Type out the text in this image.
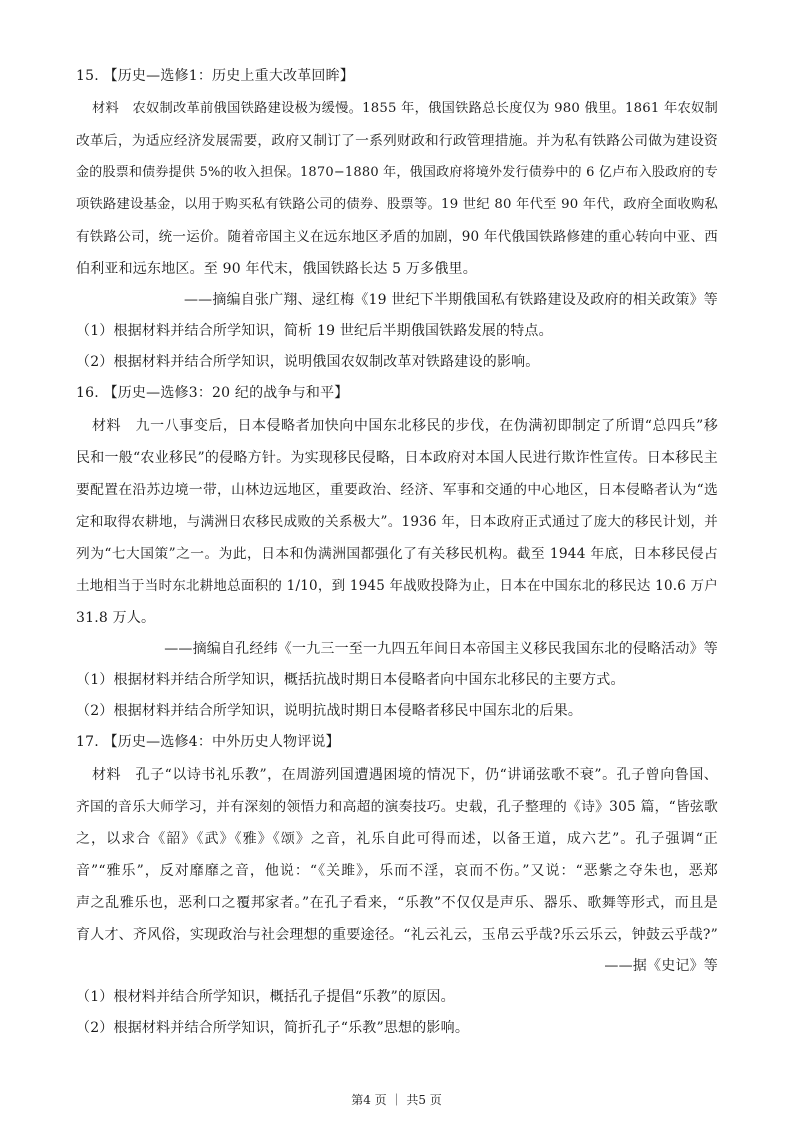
15. 【历史—选修1：历史上重大改革回眸】
材料　农奴制改革前俄国铁路建设极为缓慢。1855 年，俄国铁路总长度仅为 980 俄里。1861 年农奴制
改革后，为适应经济发展需要，政府又制订了一系列财政和行政管理措施。并为私有铁路公司做为建设资
金的股票和债券提供 5%的收入担保。1870−1880 年，俄国政府将境外发行债券中的 6 亿卢布入股政府的专
项铁路建设基金，以用于购买私有铁路公司的债券、股票等。19 世纪 80 年代至 90 年代，政府全面收购私
有铁路公司，统一运价。随着帝国主义在远东地区矛盾的加剧，90 年代俄国铁路修建的重心转向中亚、西
伯利亚和远东地区。至 90 年代末，俄国铁路长达 5 万多俄里。
——摘编自张广翔、逯红梅《19 世纪下半期俄国私有铁路建设及政府的相关政策》等
（1）根据材料并结合所学知识，简析 19 世纪后半期俄国铁路发展的特点。
（2）根据材料并结合所学知识，说明俄国农奴制改革对铁路建设的影响。
16. 【历史—选修3：20 纪的战争与和平】
材料　九一八事变后，日本侵略者加快向中国东北移民的步伐，在伪满初即制定了所谓“总四兵”移
民和一般“农业移民”的侵略方针。为实现移民侵略，日本政府对本国人民进行欺诈性宣传。日本移民主
要配置在沿苏边境一带，山林边远地区，重要政治、经济、军事和交通的中心地区，日本侵略者认为“选
定和取得农耕地，与满洲日农移民成败的关系极大”。1936 年，日本政府正式通过了庞大的移民计划，并
列为“七大国策”之一。为此，日本和伪满洲国都强化了有关移民机构。截至 1944 年底，日本移民侵占
土地相当于当时东北耕地总面积的 1/10，到 1945 年战败投降为止，日本在中国东北的移民达 10.6 万户
31.8 万人。
——摘编自孔经纬《一九三一至一九四五年间日本帝国主义移民我国东北的侵略活动》等
（1）根据材料并结合所学知识，概括抗战时期日本侵略者向中国东北移民的主要方式。
（2）根据材料并结合所学知识，说明抗战时期日本侵略者移民中国东北的后果。
17. 【历史—选修4：中外历史人物评说】
材料　孔子“以诗书礼乐教”，在周游列国遭遇困境的情况下，仍“讲诵弦歌不衰”。孔子曾向鲁国、
齐国的音乐大师学习，并有深刻的领悟力和高超的演奏技巧。史载，孔子整理的《诗》305 篇，“皆弦歌
之，以求合《韶》《武》《雅》《颂》之音，礼乐自此可得而述，以备王道，成六艺”。孔子强调“正
音”“雅乐”，反对靡靡之音，他说：“《关雎》，乐而不淫，哀而不伤。”又说：“恶紫之夺朱也，恶郑
声之乱雅乐也，恶利口之覆邦家者。”在孔子看来，“乐教”不仅仅是声乐、器乐、歌舞等形式，而且是
育人才、齐风俗，实现政治与社会理想的重要途径。“礼云礼云，玉帛云乎哉?乐云乐云，钟鼓云乎哉?”
——据《史记》等
（1）根材料并结合所学知识，概括孔子提倡“乐教”的原因。
（2）根据材料并结合所学知识，简折孔子“乐教”思想的影响。
第4 页 ｜ 共5 页
